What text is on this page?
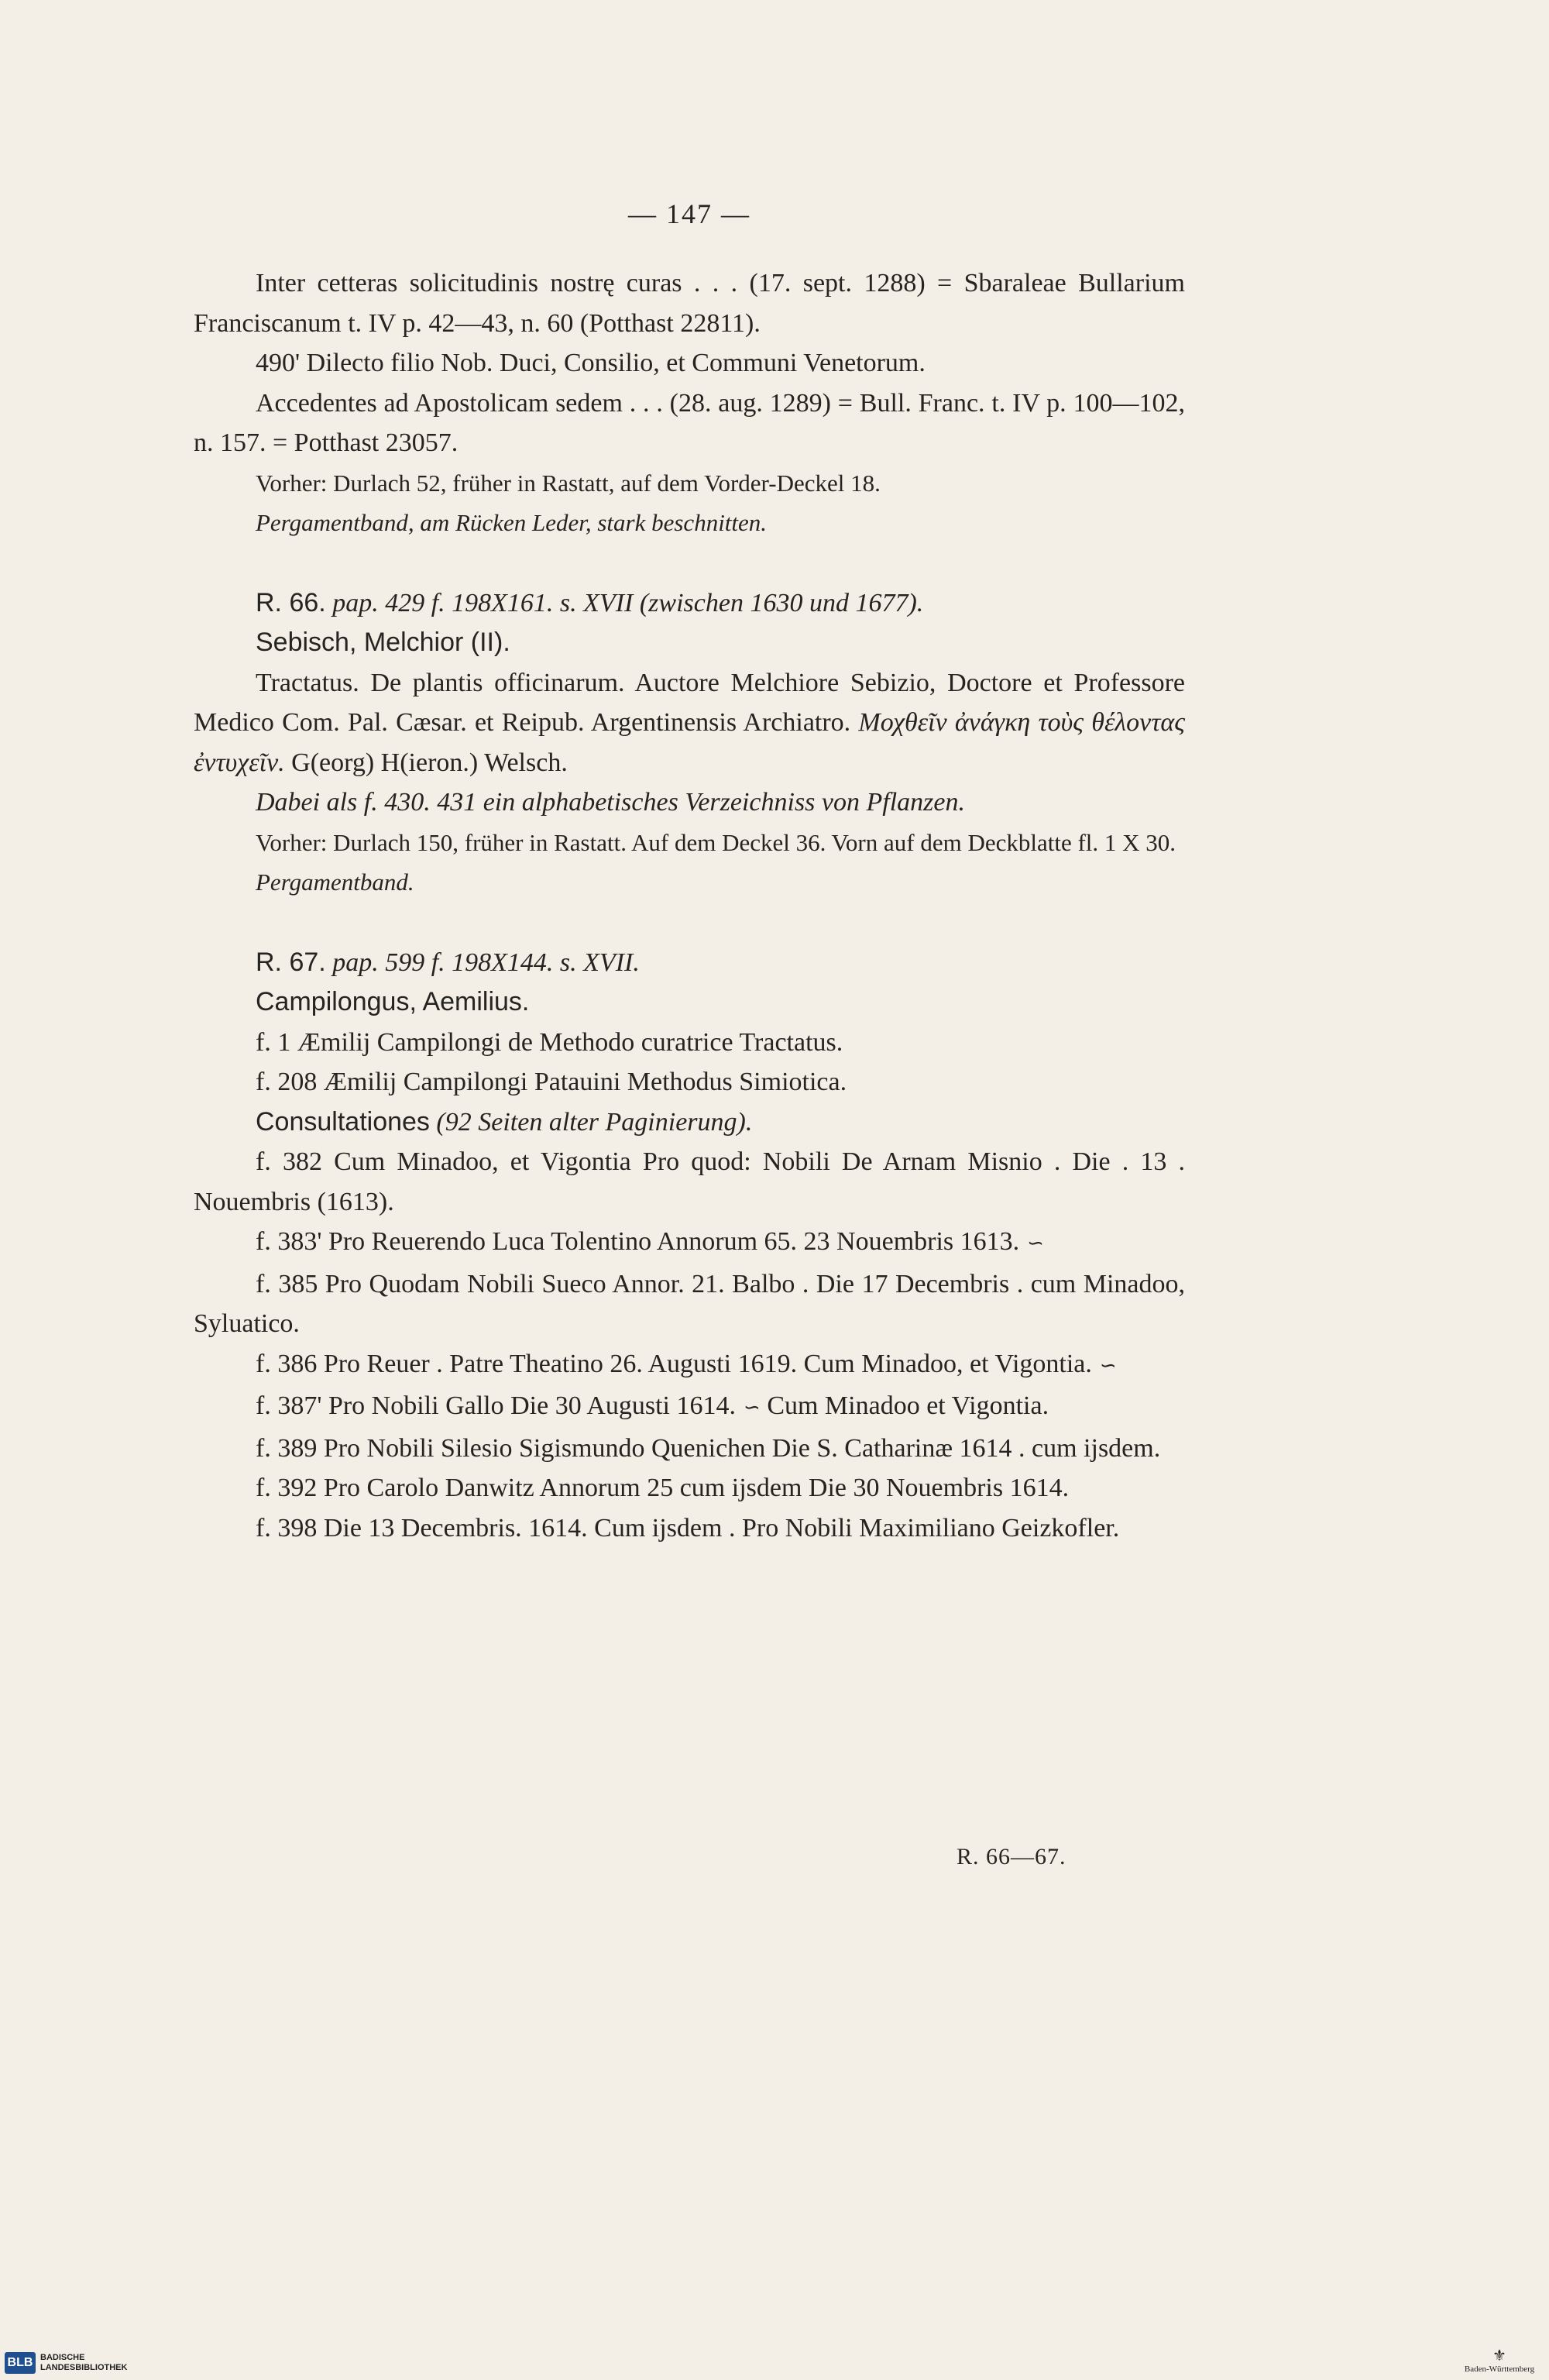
— 147 —

Inter cetteras solicitudinis nostrę curas . . . (17. sept. 1288) = Sbaraleae Bullarium Franciscanum t. IV p. 42—43, n. 60 (Potthast 22811).

490' Dilecto filio Nob. Duci, Consilio, et Communi Venetorum.

Accedentes ad Apostolicam sedem . . . (28. aug. 1289) = Bull. Franc. t. IV p. 100—102, n. 157. = Potthast 23057.

Vorher: Durlach 52, früher in Rastatt, auf dem Vorder-Deckel 18.

Pergamentband, am Rücken Leder, stark beschnitten.

R. 66. pap. 429 f. 198X161. s. XVII (zwischen 1630 und 1677).

Sebisch, Melchior (II).

Tractatus. De plantis officinarum. Auctore Melchiore Sebizio, Doctore et Professore Medico Com. Pal. Cæsar. et Reipub. Argentinensis Archiatro. Μοχθεῖν ἀνάγκη τοὺς θέλοντας ἐντυχεῖν. G(eorg) H(ieron.) Welsch.

Dabei als f. 430. 431 ein alphabetisches Verzeichniss von Pflanzen.

Vorher: Durlach 150, früher in Rastatt. Auf dem Deckel 36. Vorn auf dem Deckblatte fl. 1 X 30.

Pergamentband.

R. 67. pap. 599 f. 198X144. s. XVII.

Campilongus, Aemilius.

f. 1 Æmilij Campilongi de Methodo curatrice Tractatus.

f. 208 Æmilij Campilongi Patauini Methodus Simiotica.

Consultationes (92 Seiten alter Paginierung).

f. 382 Cum Minadoo, et Vigontia Pro quod: Nobili De Arnam Misnio . Die . 13 . Nouembris (1613).

f. 383' Pro Reuerendo Luca Tolentino Annorum 65. 23 Nouembris 1613. ∽

f. 385 Pro Quodam Nobili Sueco Annor. 21. Balbo . Die 17 Decembris . cum Minadoo, Syluatico.

f. 386 Pro Reuer . Patre Theatino 26. Augusti 1619. Cum Minadoo, et Vigontia. ∽

f. 387' Pro Nobili Gallo Die 30 Augusti 1614. ∽ Cum Minadoo et Vigontia.

f. 389 Pro Nobili Silesio Sigismundo Quenichen Die S. Catharinæ 1614 . cum ijsdem.

f. 392 Pro Carolo Danwitz Annorum 25 cum ijsdem Die 30 Nouembris 1614.

f. 398 Die 13 Decembris. 1614. Cum ijsdem . Pro Nobili Maximiliano Geizkofler.

R. 66—67.
BLB BADISCHE
LANDESBIBLIOTHEK
⚜
Baden-Württemberg
